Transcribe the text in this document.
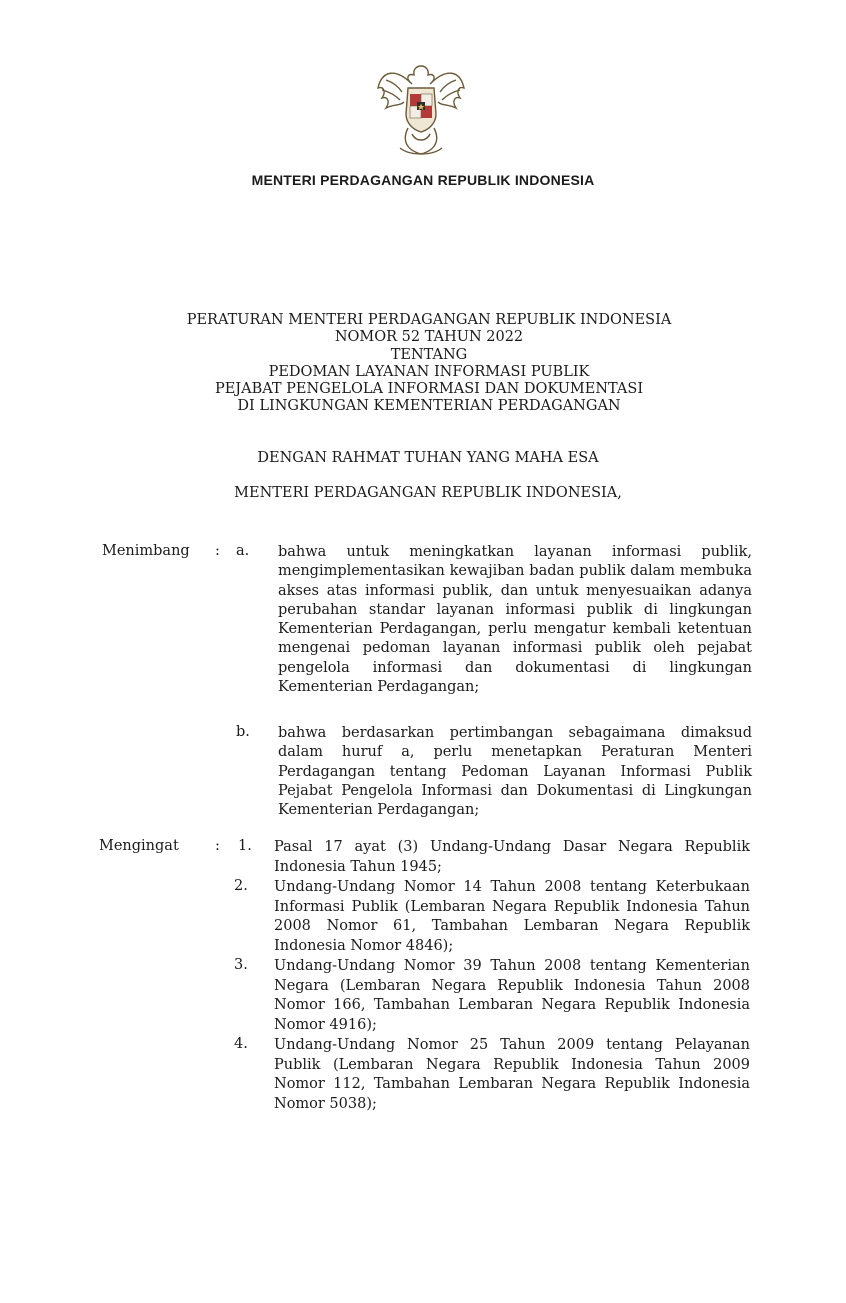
MENTERI PERDAGANGAN REPUBLIK INDONESIA
PERATURAN MENTERI PERDAGANGAN REPUBLIK INDONESIA
NOMOR 52 TAHUN 2022
TENTANG
PEDOMAN LAYANAN INFORMASI PUBLIK
PEJABAT PENGELOLA INFORMASI DAN DOKUMENTASI
DI LINGKUNGAN KEMENTERIAN PERDAGANGAN
DENGAN RAHMAT TUHAN YANG MAHA ESA
MENTERI PERDAGANGAN REPUBLIK INDONESIA,
Menimbang : a. bahwa untuk meningkatkan layanan informasi publik, mengimplementasikan kewajiban badan publik dalam membuka akses atas informasi publik, dan untuk menyesuaikan adanya perubahan standar layanan informasi publik di lingkungan Kementerian Perdagangan, perlu mengatur kembali ketentuan mengenai pedoman layanan informasi publik oleh pejabat pengelola informasi dan dokumentasi di lingkungan Kementerian Perdagangan;
b. bahwa berdasarkan pertimbangan sebagaimana dimaksud dalam huruf a, perlu menetapkan Peraturan Menteri Perdagangan tentang Pedoman Layanan Informasi Publik Pejabat Pengelola Informasi dan Dokumentasi di Lingkungan Kementerian Perdagangan;
Mengingat : 1. Pasal 17 ayat (3) Undang-Undang Dasar Negara Republik Indonesia Tahun 1945;
2. Undang-Undang Nomor 14 Tahun 2008 tentang Keterbukaan Informasi Publik (Lembaran Negara Republik Indonesia Tahun 2008 Nomor 61, Tambahan Lembaran Negara Republik Indonesia Nomor 4846);
3. Undang-Undang Nomor 39 Tahun 2008 tentang Kementerian Negara (Lembaran Negara Republik Indonesia Tahun 2008 Nomor 166, Tambahan Lembaran Negara Republik Indonesia Nomor 4916);
4. Undang-Undang Nomor 25 Tahun 2009 tentang Pelayanan Publik (Lembaran Negara Republik Indonesia Tahun 2009 Nomor 112, Tambahan Lembaran Negara Republik Indonesia Nomor 5038);
